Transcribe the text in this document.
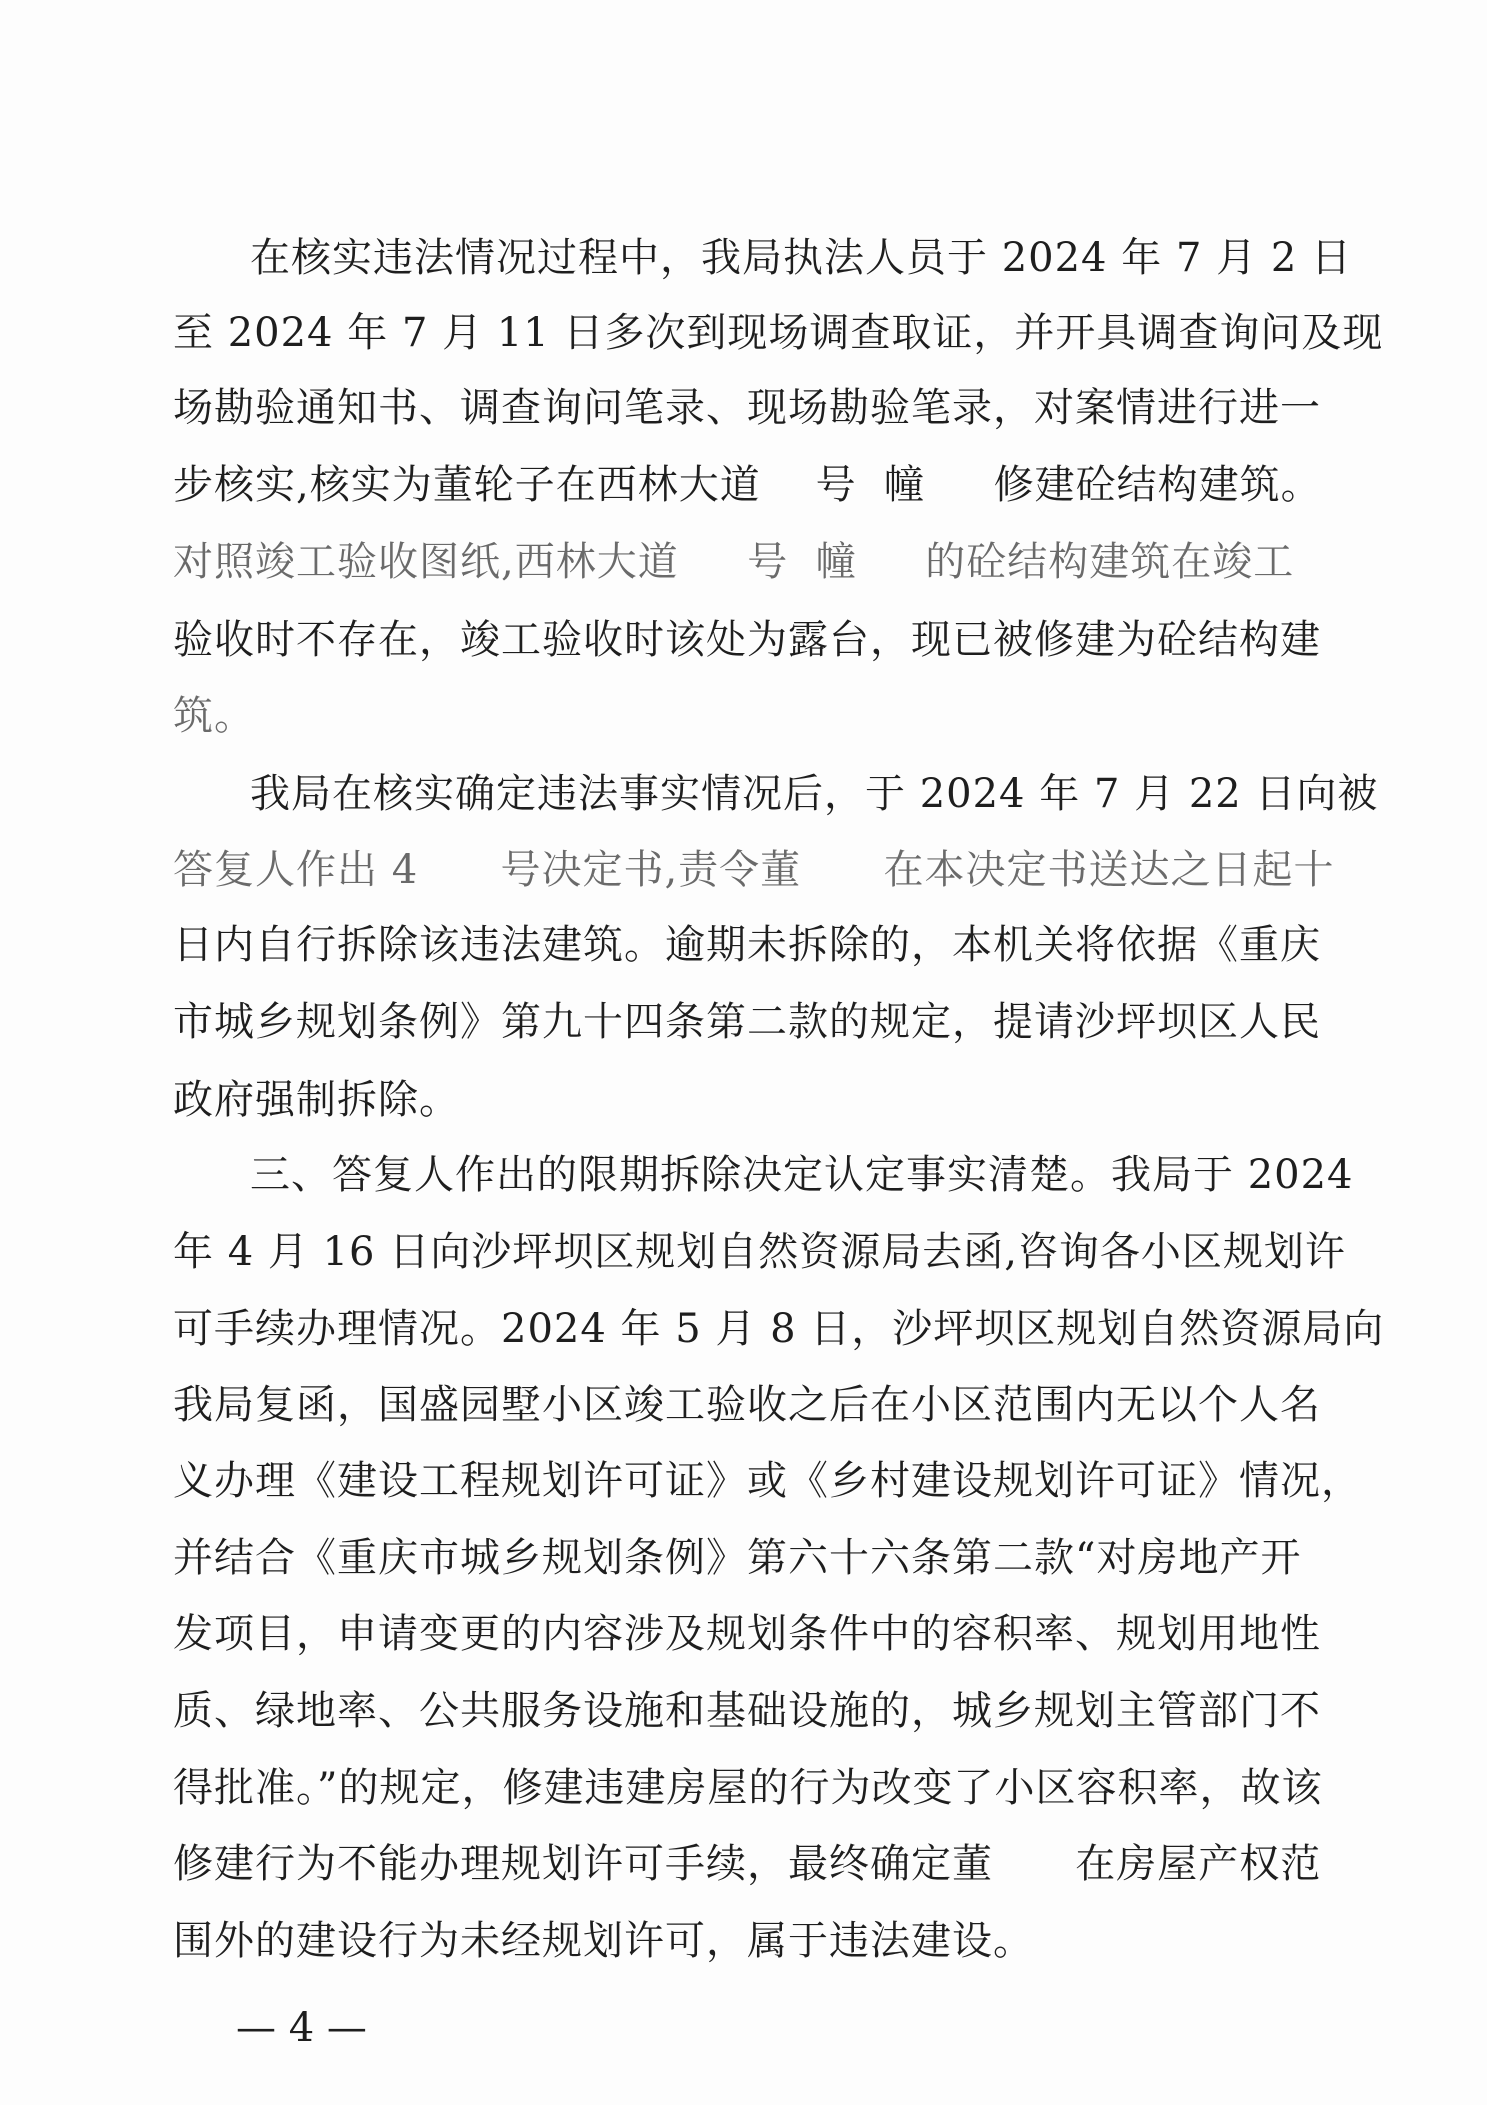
在核实违法情况过程中，我局执法人员于 2024 年 7 月 2 日
至 2024 年 7 月 11 日多次到现场调查取证，并开具调查询问及现
场勘验通知书、调查询问笔录、现场勘验笔录，对案情进行进一
步核实,核实为董轮子在西林大道    号  幢     修建砼结构建筑。
对照竣工验收图纸,西林大道     号  幢     的砼结构建筑在竣工
验收时不存在，竣工验收时该处为露台，现已被修建为砼结构建
筑。
我局在核实确定违法事实情况后，于 2024 年 7 月 22 日向被
答复人作出 4      号决定书,责令董      在本决定书送达之日起十
日内自行拆除该违法建筑。逾期未拆除的，本机关将依据《重庆
市城乡规划条例》第九十四条第二款的规定，提请沙坪坝区人民
政府强制拆除。
三、答复人作出的限期拆除决定认定事实清楚。我局于 2024
年 4 月 16 日向沙坪坝区规划自然资源局去函,咨询各小区规划许
可手续办理情况。2024 年 5 月 8 日，沙坪坝区规划自然资源局向
我局复函，国盛园墅小区竣工验收之后在小区范围内无以个人名
义办理《建设工程规划许可证》或《乡村建设规划许可证》情况，
并结合《重庆市城乡规划条例》第六十六条第二款“对房地产开
发项目，申请变更的内容涉及规划条件中的容积率、规划用地性
质、绿地率、公共服务设施和基础设施的，城乡规划主管部门不
得批准。”的规定，修建违建房屋的行为改变了小区容积率，故该
修建行为不能办理规划许可手续，最终确定董      在房屋产权范
围外的建设行为未经规划许可，属于违法建设。
— 4 —
